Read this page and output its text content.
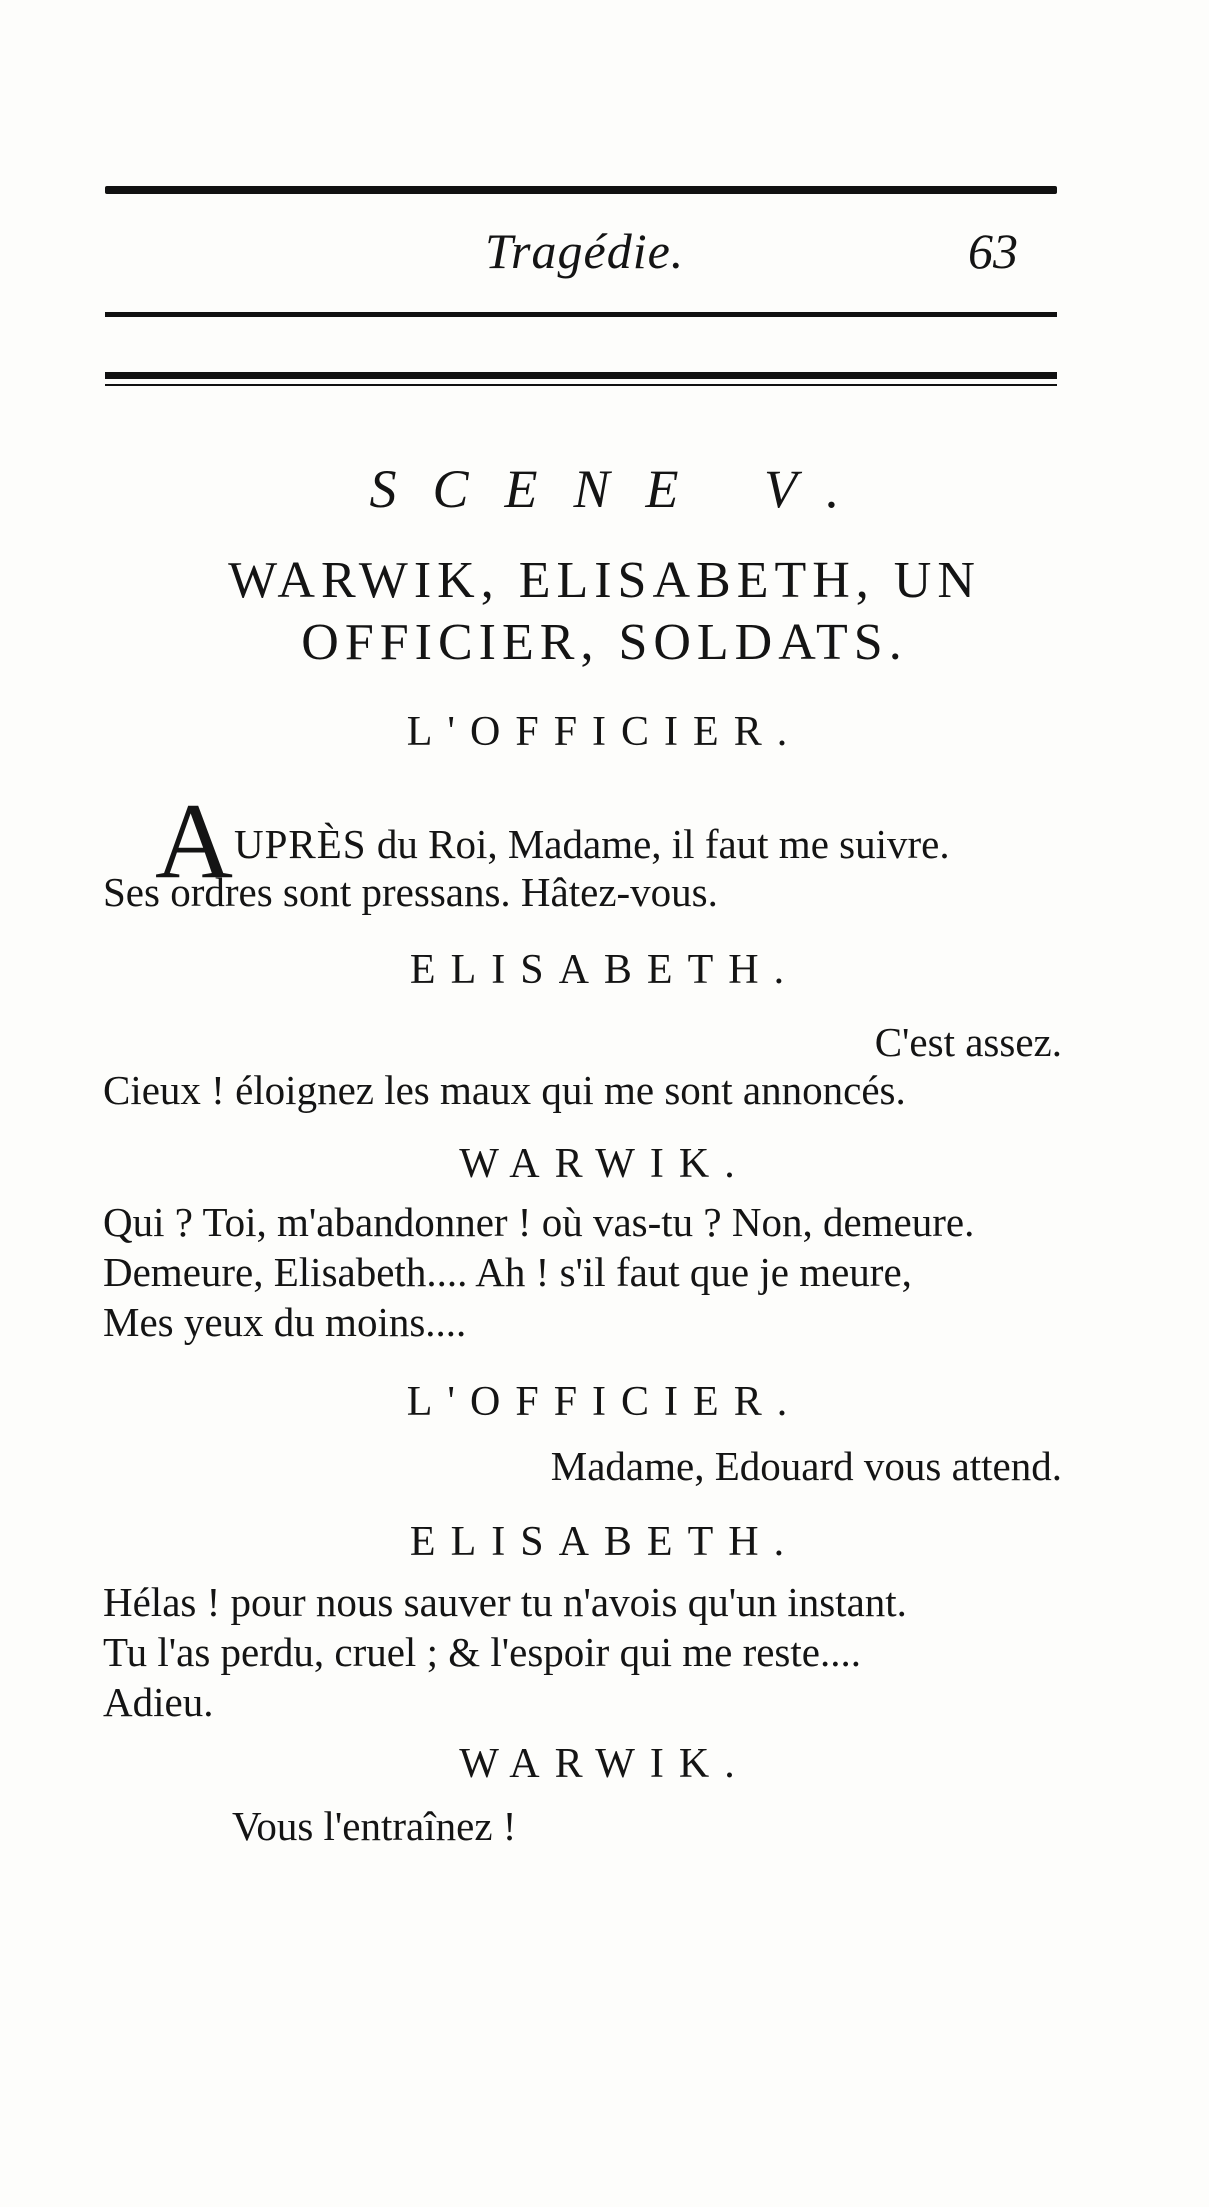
Tragédie.	63
SCENE V.
WARWIK, ELISABETH, UN
OFFICIER, SOLDATS.
L'OFFICIER.
A UPRÈS du Roi, Madame, il faut me suivre.
Ses ordres sont pressans. Hâtez-vous.
ELISABETH.
C'est assez.
Cieux ! éloignez les maux qui me sont annoncés.
WARWIK.
Qui ? Toi, m'abandonner ! où vas-tu ? Non, demeure.
Demeure, Elisabeth.... Ah ! s'il faut que je meure,
Mes yeux du moins....
L'OFFICIER.
Madame, Edouard vous attend.
ELISABETH.
Hélas ! pour nous sauver tu n'avois qu'un instant.
Tu l'as perdu, cruel ; & l'espoir qui me reste....
Adieu.
WARWIK.
Vous l'entraînez !
